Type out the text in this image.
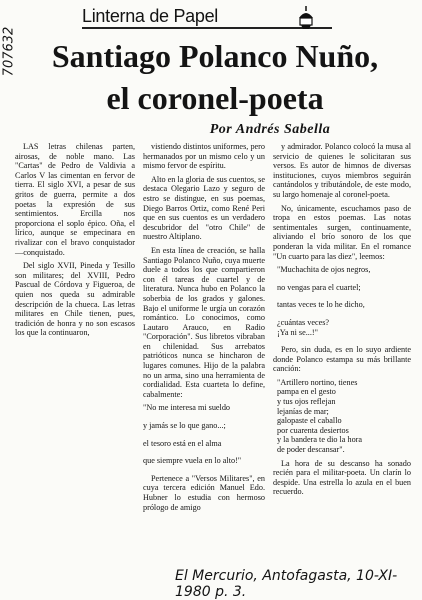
707632
Linterna de Papel
Santiago Polanco Nuño,
el coronel-poeta
Por Andrés Sabella

LAS letras chilenas parten, airosas, de noble mano. Las "Cartas" de Pedro de Valdivia a Carlos V las cimentan en fervor de tierra. El siglo XVI, a pesar de sus gritos de guerra, permite a dos poetas la expresión de sus sentimientos. Ercilla nos proporciona el soplo épico. Oña, el lírico, aunque se empecinara en rivalizar con el bravo conquistador —conquistado.

Del siglo XVII, Pineda y Tesillo son militares; del XVIII, Pedro Pascual de Córdova y Figueroa, de quien nos queda su admirable descripción de la chueca. Las letras militares en Chile tienen, pues, tradición de honra y no son escasos los que la continuaron,

vistiendo distintos uniformes, pero hermanados por un mismo celo y un mismo fervor de espíritu.

Alto en la gloria de sus cuentos, se destaca Olegario Lazo y seguro de estro se distingue, en sus poemas, Diego Barros Ortiz, como René Peri que en sus cuentos es un verdadero descubridor del "otro Chile" de nuestro Altiplano.

En esta línea de creación, se halla Santiago Polanco Nuño, cuya muerte duele a todos los que compartieron con él tareas de cuartel y de literatura. Nunca hubo en Polanco la soberbia de los grados y galones. Bajo el uniforme le urgía un corazón romántico. Lo conocimos, como Lautaro Arauco, en Radio "Corporación". Sus libretos vibraban en chilenidad. Sus arrebatos patrióticos nunca se hincharon de lugares comunes. Hijo de la palabra no un arma, sino una herramienta de cordialidad. Esta cuarteta lo define, cabalmente:

"No me interesa mi sueldo
y jamás se lo que gano...;
el tesoro está en el alma
que siempre vuela en lo alto!"

Pertenece a "Versos Militares", en cuya tercera edición Manuel Edo. Hubner lo estudia con hermoso prólogo de amigo

y admirador. Polanco colocó la musa al servicio de quienes le solicitaran sus versos. Es autor de himnos de diversas instituciones, cuyos miembros seguirán cantándolos y tributándole, de este modo, su largo homenaje al coronel-poeta.

No, únicamente, escuchamos paso de tropa en estos poemas. Las notas sentimentales surgen, continuamente, aliviando el brío sonoro de los que ponderan la vida militar. En el romance "Un cuarto para las diez", leemos:

"Muchachita de ojos negros,
no vengas para el cuartel;
tantas veces te lo he dicho,
¿cuántas veces?
¡Ya ni se...!"

Pero, sin duda, es en lo suyo ardiente donde Polanco estampa su más brillante canción:

"Artillero nortino, tienes
pampa en el gesto
y tus ojos reflejan
lejanías de mar;
galopaste el caballo
por cuarenta desiertos
y la bandera te dio la hora
de poder descansar".

La hora de su descanso ha sonado recién para el militar-poeta. Un clarín lo despide. Una estrella lo azula en el buen recuerdo.

El Mercurio, Antofagasta, 10-XI-1980 p. 3.
